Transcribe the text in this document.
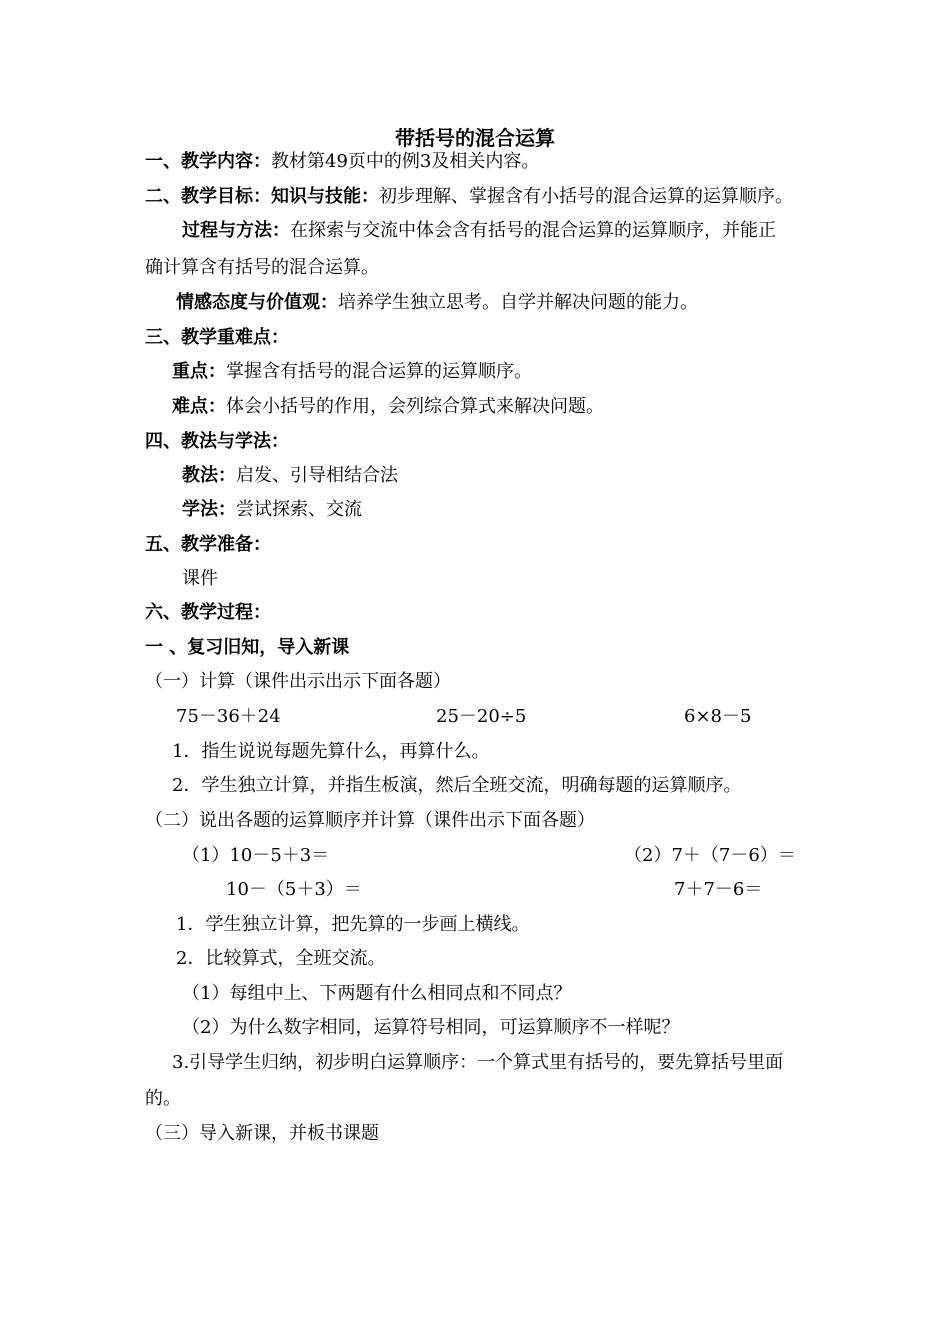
带括号的混合运算
一、教学内容：教材第49页中的例3及相关内容。
二、教学目标：知识与技能：初步理解、掌握含有小括号的混合运算的运算顺序。
过程与方法：在探索与交流中体会含有括号的混合运算的运算顺序，并能正
确计算含有括号的混合运算。
情感态度与价值观：培养学生独立思考。自学并解决问题的能力。
三、教学重难点：
重点：掌握含有括号的混合运算的运算顺序。
难点：体会小括号的作用，会列综合算式来解决问题。
四、教法与学法：
教法：启发、引导相结合法
学法：尝试探索、交流
五、教学准备：
课件
六、教学过程：
一 、复习旧知，导入新课
（一）计算（课件出示出示下面各题）
75－36＋24	25－20÷5	6×8－5
1．指生说说每题先算什么，再算什么。
2．学生独立计算，并指生板演，然后全班交流，明确每题的运算顺序。
（二）说出各题的运算顺序并计算（课件出示下面各题）
（1）10－5＋3＝	（2）7＋（7－6）＝
10－（5＋3）＝	7＋7－6＝
1．学生独立计算，把先算的一步画上横线。
2．比较算式，全班交流。
（1）每组中上、下两题有什么相同点和不同点？
（2）为什么数字相同，运算符号相同，可运算顺序不一样呢？
3.引导学生归纳，初步明白运算顺序：一个算式里有括号的，要先算括号里面
的。
（三）导入新课，并板书课题
